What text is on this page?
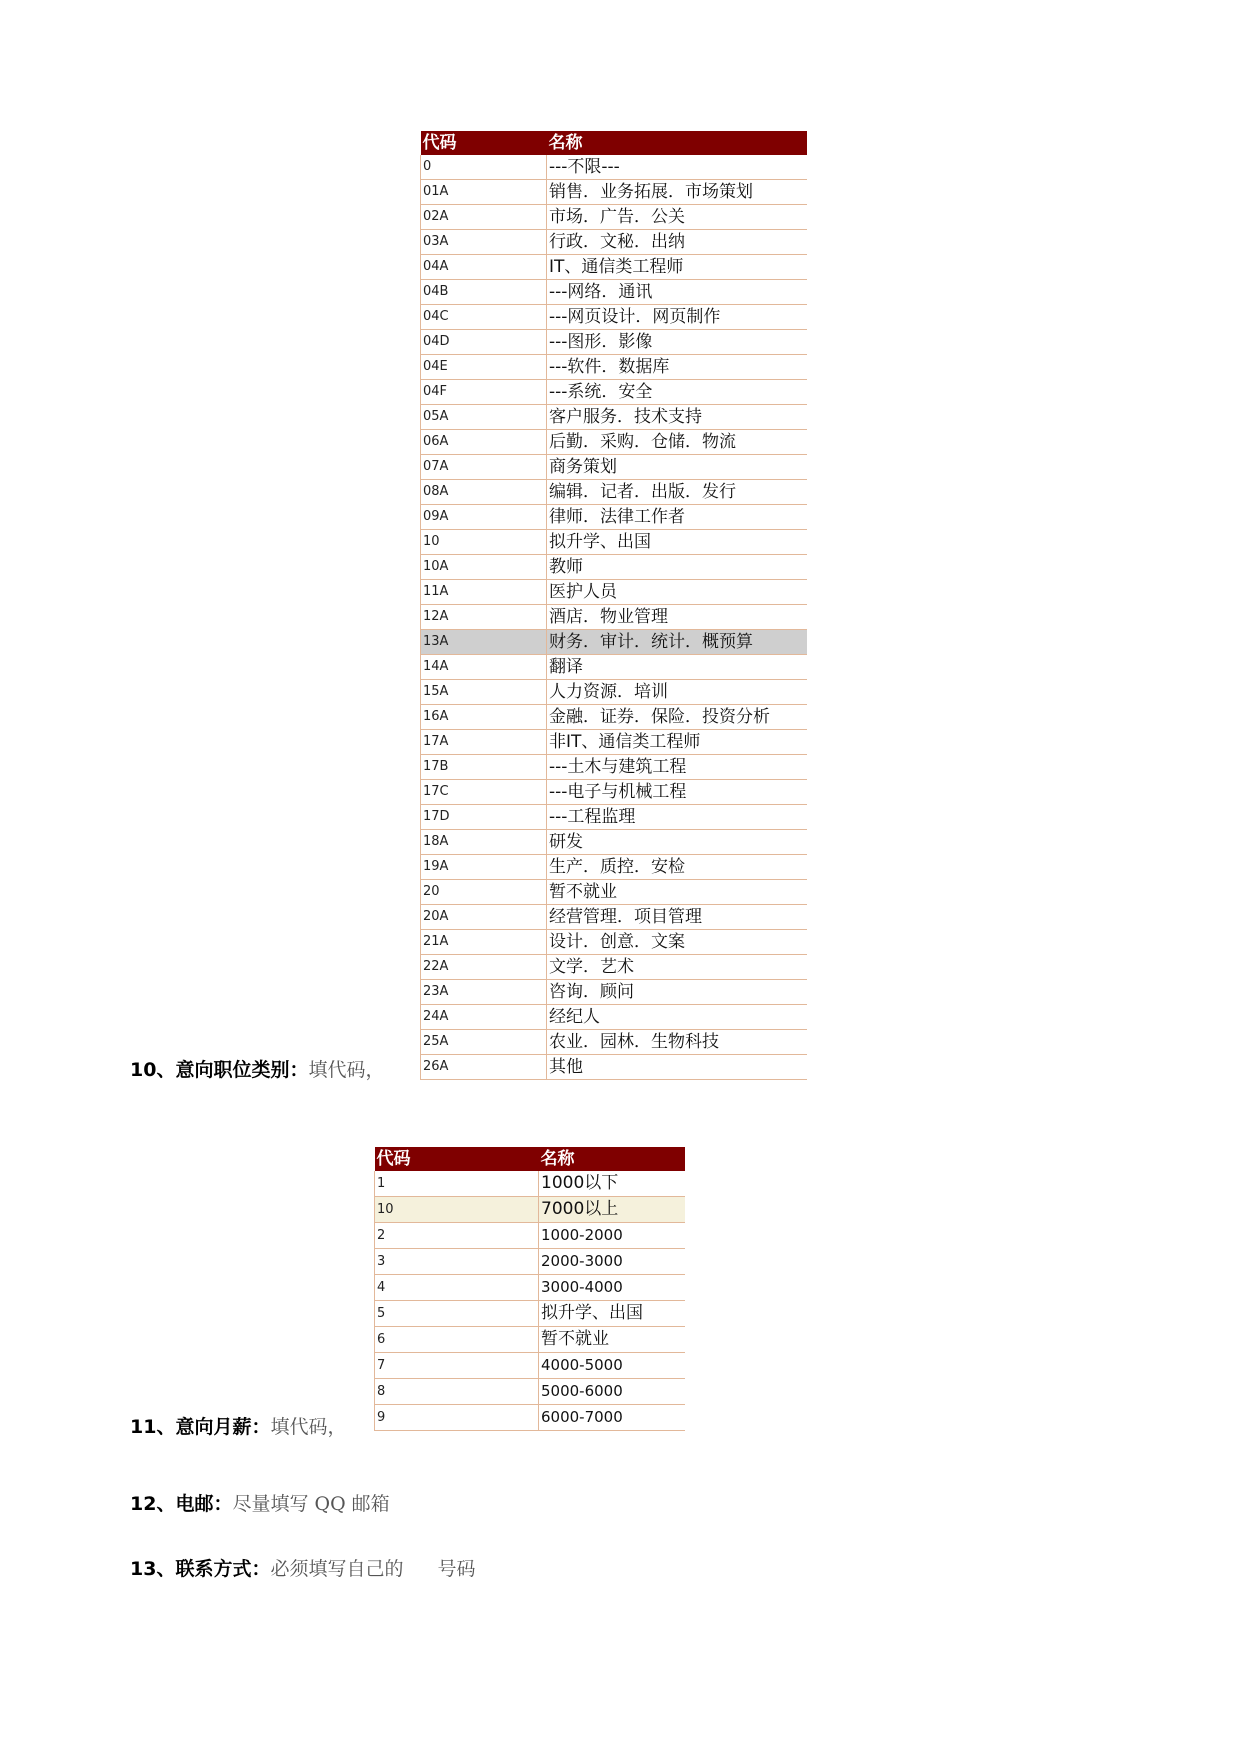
代码	名称
0	---不限---
01A	销售．业务拓展．市场策划
02A	市场．广告．公关
03A	行政．文秘．出纳
04A	IT、通信类工程师
04B	---网络．通讯
04C	---网页设计．网页制作
04D	---图形．影像
04E	---软件．数据库
04F	---系统．安全
05A	客户服务．技术支持
06A	后勤．采购．仓储．物流
07A	商务策划
08A	编辑．记者．出版．发行
09A	律师．法律工作者
10	拟升学、出国
10A	教师
11A	医护人员
12A	酒店．物业管理
13A	财务．审计．统计．概预算
14A	翻译
15A	人力资源．培训
16A	金融．证券．保险．投资分析
17A	非IT、通信类工程师
17B	---土木与建筑工程
17C	---电子与机械工程
17D	---工程监理
18A	研发
19A	生产．质控．安检
20	暂不就业
20A	经营管理．项目管理
21A	设计．创意．文案
22A	文学．艺术
23A	咨询．顾问
24A	经纪人
25A	农业．园林．生物科技
26A	其他
10、意向职位类别：填代码，
代码	名称
1	1000以下
10	7000以上
2	1000-2000
3	2000-3000
4	3000-4000
5	拟升学、出国
6	暂不就业
7	4000-5000
8	5000-6000
9	6000-7000
11、意向月薪：填代码，
12、电邮：尽量填写 QQ 邮箱
13、联系方式：必须填写自己的 号码
